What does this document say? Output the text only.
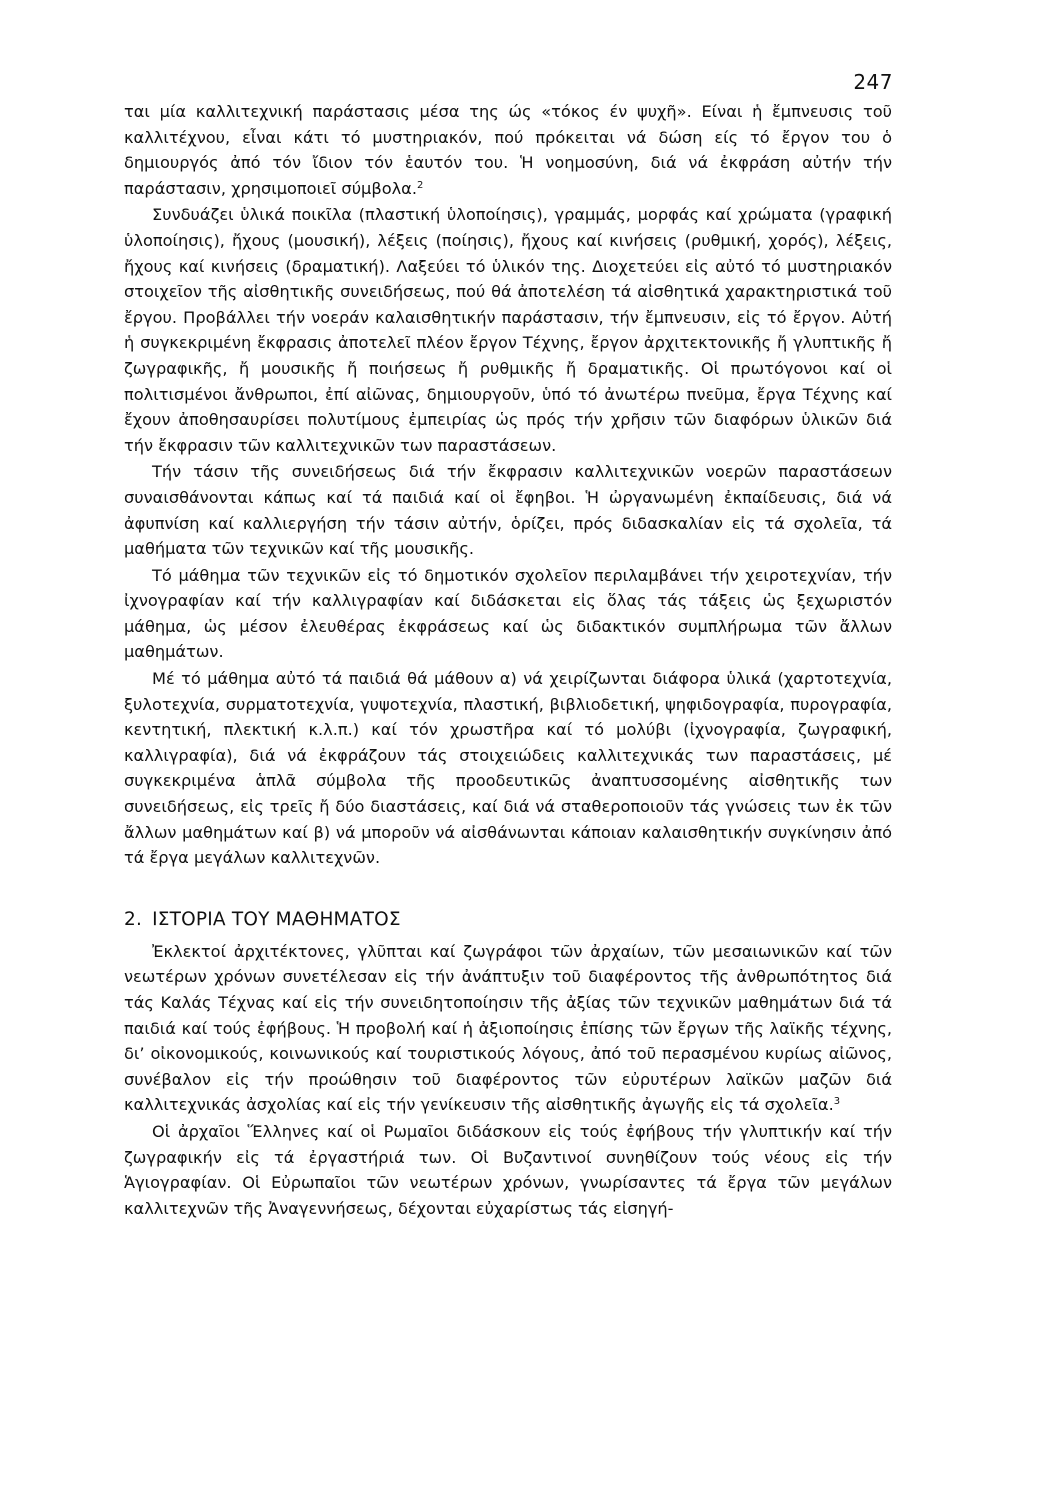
247

ται μία καλλιτεχνική παράστασις μέσα της ώς «τόκος έν ψυχῆ». Είναι ἡ ἔμπνευσις τοῦ καλλιτέχνου, εἶναι κάτι τό μυστηριακόν, πού πρόκειται νά δώση είς τό ἔργον του ὁ δημιουργός ἀπό τόν ἴδιον τόν ἑαυτόν του. Ἡ νοημοσύνη, διά νά ἐκφράση αὐτήν τήν παράστασιν, χρησιμοποιεῖ σύμβολα.$^2$

Συνδυάζει ὑλικά ποικῖλα (πλαστική ὑλοποίησις), γραμμάς, μορφάς καί χρώματα (γραφική ὑλοποίησις), ἤχους (μουσική), λέξεις (ποίησις), ἤχους καί κινήσεις (ρυθμική, χορός), λέξεις, ἤχους καί κινήσεις (δραματική). Λαξεύει τό ὑλικόν της. Διοχετεύει εἰς αὐτό τό μυστηριακόν στοιχεῖον τῆς αἰσθητικῆς συνειδήσεως, πού θά ἀποτελέση τά αἰσθητικά χαρακτηριστικά τοῦ ἔργου. Προβάλλει τήν νοεράν καλαισθητικήν παράστασιν, τήν ἔμπνευσιν, εἰς τό ἔργον. Αὐτή ἡ συγκεκριμένη ἔκφρασις ἀποτελεῖ πλέον ἔργον Τέχνης, ἔργον ἀρχιτεκτονικῆς ἤ γλυπτικῆς ἤ ζωγραφικῆς, ἤ μουσικῆς ἤ ποιήσεως ἤ ρυθμικῆς ἤ δραματικῆς. Οἱ πρωτόγονοι καί οἱ πολιτισμένοι ἄνθρωποι, ἐπί αἰῶνας, δημιουργοῦν, ὑπό τό ἀνωτέρω πνεῦμα, ἔργα Τέχνης καί ἔχουν ἀποθησαυρίσει πολυτίμους ἐμπειρίας ὡς πρός τήν χρῆσιν τῶν διαφόρων ὑλικῶν διά τήν ἔκφρασιν τῶν καλλιτεχνικῶν των παραστάσεων.

Τήν τάσιν τῆς συνειδήσεως διά τήν ἔκφρασιν καλλιτεχνικῶν νοερῶν παραστάσεων συναισθάνονται κάπως καί τά παιδιά καί οἱ ἔφηβοι. Ἡ ὠργανωμένη ἐκπαίδευσις, διά νά ἀφυπνίση καί καλλιεργήση τήν τάσιν αὐτήν, ὁρίζει, πρός διδασκαλίαν εἰς τά σχολεῖα, τά μαθήματα τῶν τεχνικῶν καί τῆς μουσικῆς.

Τό μάθημα τῶν τεχνικῶν εἰς τό δημοτικόν σχολεῖον περιλαμβάνει τήν χειροτεχνίαν, τήν ἰχνογραφίαν καί τήν καλλιγραφίαν καί διδάσκεται εἰς ὅλας τάς τάξεις ὡς ξεχωριστόν μάθημα, ὡς μέσον ἐλευθέρας ἐκφράσεως καί ὡς διδακτικόν συμπλήρωμα τῶν ἄλλων μαθημάτων.

Μέ τό μάθημα αὐτό τά παιδιά θά μάθουν α) νά χειρίζωνται διάφορα ὑλικά (χαρτοτεχνία, ξυλοτεχνία, συρματοτεχνία, γυψοτεχνία, πλαστική, βιβλιοδετική, ψηφιδογραφία, πυρογραφία, κεντητική, πλεκτική κ.λ.π.) καί τόν χρωστῆρα καί τό μολύβι (ἰχνογραφία, ζωγραφική, καλλιγραφία), διά νά ἐκφράζουν τάς στοιχειώδεις καλλιτεχνικάς των παραστάσεις, μέ συγκεκριμένα ἁπλᾶ σύμβολα τῆς προοδευτικῶς ἀναπτυσσομένης αἰσθητικῆς των συνειδήσεως, εἰς τρεῖς ἤ δύο διαστάσεις, καί διά νά σταθεροποιοῦν τάς γνώσεις των ἐκ τῶν ἄλλων μαθημάτων καί β) νά μποροῦν νά αἰσθάνωνται κάποιαν καλαισθητικήν συγκίνησιν ἀπό τά ἔργα μεγάλων καλλιτεχνῶν.

2. ΙΣΤΟΡΙΑ ΤΟΥ ΜΑΘΗΜΑΤΟΣ

Ἐκλεκτοί ἀρχιτέκτονες, γλῦπται καί ζωγράφοι τῶν ἀρχαίων, τῶν μεσαιωνικῶν καί τῶν νεωτέρων χρόνων συνετέλεσαν εἰς τήν ἀνάπτυξιν τοῦ διαφέροντος τῆς ἀνθρωπότητος διά τάς Καλάς Τέχνας καί εἰς τήν συνειδητοποίησιν τῆς ἀξίας τῶν τεχνικῶν μαθημάτων διά τά παιδιά καί τούς ἐφήβους. Ἡ προβολή καί ἡ ἀξιοποίησις ἐπίσης τῶν ἔργων τῆς λαϊκῆς τέχνης, δι’ οἰκονομικούς, κοινωνικούς καί τουριστικούς λόγους, ἀπό τοῦ περασμένου κυρίως αἰῶνος, συνέβαλον εἰς τήν προώθησιν τοῦ διαφέροντος τῶν εὐρυτέρων λαϊκῶν μαζῶν διά καλλιτεχνικάς ἀσχολίας καί εἰς τήν γενίκευσιν τῆς αἰσθητικῆς ἀγωγῆς εἰς τά σχολεῖα.$^3$

Οἱ ἀρχαῖοι Ἕλληνες καί οἱ Ρωμαῖοι διδάσκουν εἰς τούς ἐφήβους τήν γλυπτικήν καί τήν ζωγραφικήν εἰς τά ἐργαστήριά των. Οἱ Βυζαντινοί συνηθίζουν τούς νέους εἰς τήν Ἁγιογραφίαν. Οἱ Εὐρωπαῖοι τῶν νεωτέρων χρόνων, γνωρίσαντες τά ἔργα τῶν μεγάλων καλλιτεχνῶν τῆς Ἀναγεννήσεως, δέχονται εὐχαρίστως τάς εἰσηγή-
